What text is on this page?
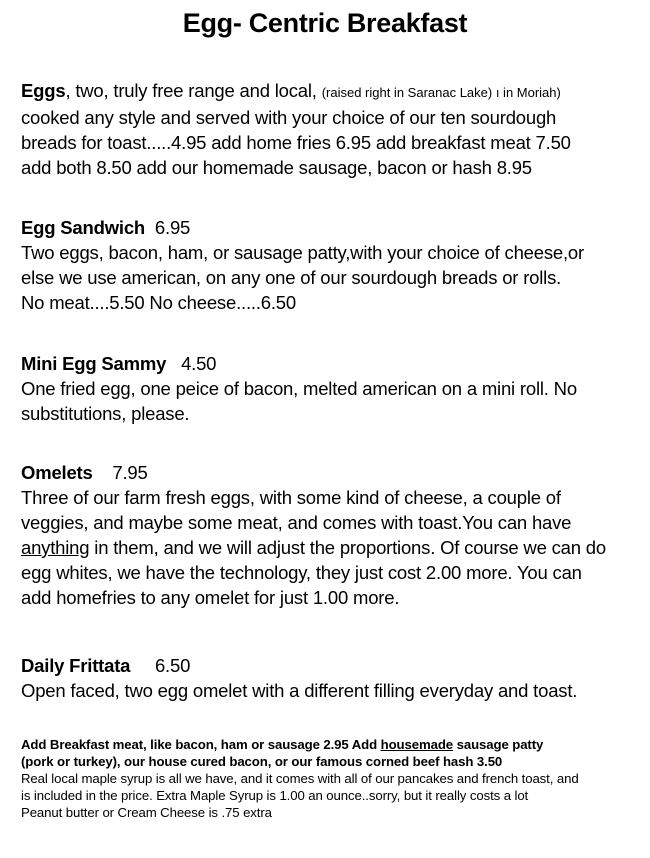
Egg- Centric Breakfast
Eggs, two, truly free range and local, (raised right in Saranac Lake) ı in Moriah)
cooked any style and served with your choice of our ten sourdough
breads for toast.....4.95 add home fries 6.95 add breakfast meat 7.50
add both 8.50 add our homemade sausage, bacon or hash 8.95
Egg Sandwich 6.95
Two eggs, bacon, ham, or sausage patty,with your choice of cheese,or
else we use american, on any one of our sourdough breads or rolls.
No meat....5.50 No cheese.....6.50
Mini Egg Sammy 4.50
One fried egg, one peice of bacon, melted american on a mini roll. No
substitutions, please.
Omelets 7.95
Three of our farm fresh eggs, with some kind of cheese, a couple of
veggies, and maybe some meat, and comes with toast.You can have
anything in them, and we will adjust the proportions. Of course we can do
egg whites, we have the technology, they just cost 2.00 more. You can
add homefries to any omelet for just 1.00 more.
Daily Frittata 6.50
Open faced, two egg omelet with a different filling everyday and toast.
Add Breakfast meat, like bacon, ham or sausage 2.95 Add housemade sausage patty
(pork or turkey), our house cured bacon, or our famous corned beef hash 3.50
Real local maple syrup is all we have, and it comes with all of our pancakes and french toast, and
is included in the price. Extra Maple Syrup is 1.00 an ounce..sorry, but it really costs a lot
Peanut butter or Cream Cheese is .75 extra
